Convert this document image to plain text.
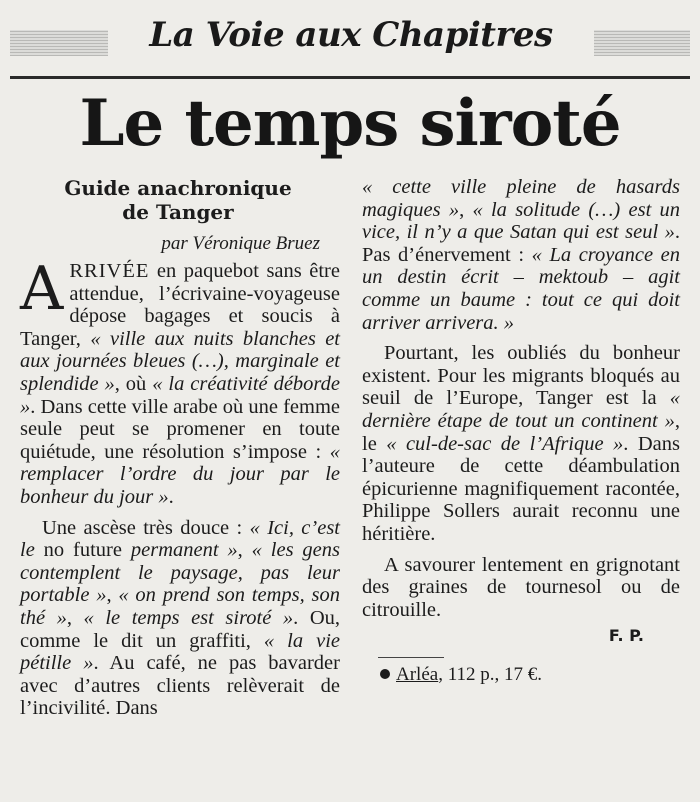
La Voie aux Chapitres
Le temps siroté
Guide anachronique
de Tanger
par Véronique Bruez

ARRIVÉE en paquebot sans être attendue, l’écrivaine-voyageuse dépose bagages et soucis à Tanger, « ville aux nuits blanches et aux journées bleues (…), marginale et splendide », où « la créativité déborde ». Dans cette ville arabe où une femme seule peut se promener en toute quiétude, une résolution s’impose : « remplacer l’ordre du jour par le bonheur du jour ».

Une ascèse très douce : « Ici, c’est le no future permanent », « les gens contemplent le paysage, pas leur portable », « on prend son temps, son thé », « le temps est siroté ». Ou, comme le dit un graffiti, « la vie pétille ». Au café, ne pas bavarder avec d’autres clients relèverait de l’incivilité. Dans

« cette ville pleine de hasards magiques », « la solitude (…) est un vice, il n’y a que Satan qui est seul ». Pas d’énervement : « La croyance en un destin écrit – mektoub – agit comme un baume : tout ce qui doit arriver arrivera. »

Pourtant, les oubliés du bonheur existent. Pour les migrants bloqués au seuil de l’Europe, Tanger est la « dernière étape de tout un continent », le « cul-de-sac de l’Afrique ». Dans l’auteure de cette déambulation épicurienne magnifiquement racontée, Philippe Sollers aurait reconnu une héritière.

A savourer lentement en grignotant des graines de tournesol ou de citrouille.

F. P.
Arléa, 112 p., 17 €.
